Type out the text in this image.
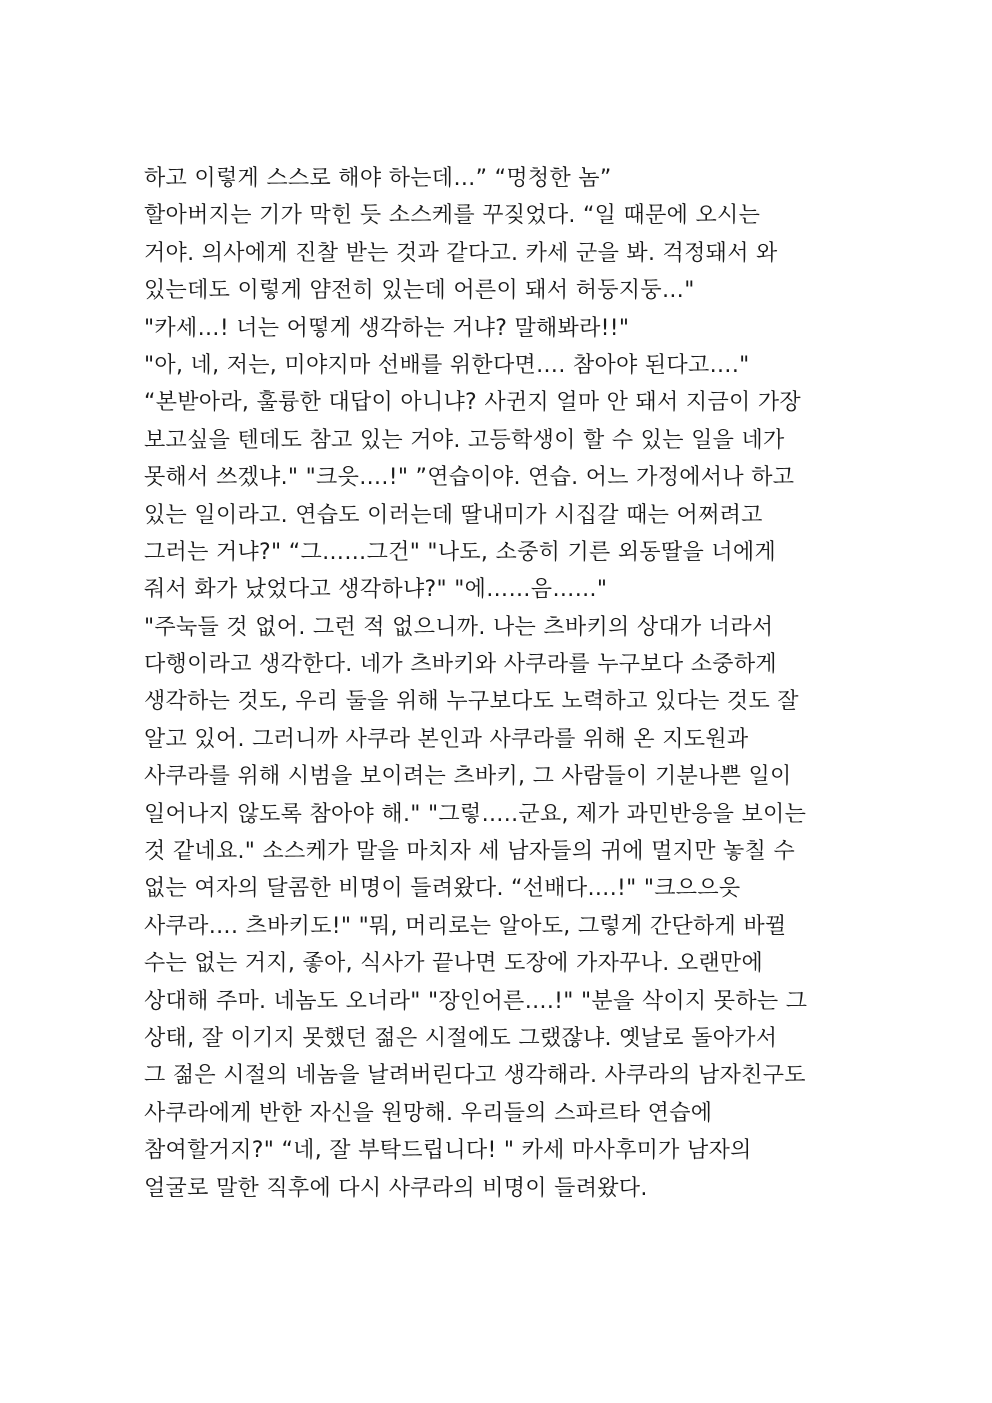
하고 이렇게 스스로 해야 하는데…” “멍청한 놈”
할아버지는 기가 막힌 듯 소스케를 꾸짖었다. “일 때문에 오시는
거야. 의사에게 진찰 받는 것과 같다고. 카세 군을 봐. 걱정돼서 와
있는데도 이렇게 얌전히 있는데 어른이 돼서 허둥지둥…"
"카세…! 너는 어떻게 생각하는 거냐? 말해봐라!!"
"아, 네, 저는, 미야지마 선배를 위한다면…. 참아야 된다고…."
“본받아라, 훌륭한 대답이 아니냐? 사귄지 얼마 안 돼서 지금이 가장
보고싶을 텐데도 참고 있는 거야. 고등학생이 할 수 있는 일을 네가
못해서 쓰겠냐." "크읏….!" ”연습이야. 연습. 어느 가정에서나 하고
있는 일이라고. 연습도 이러는데 딸내미가 시집갈 때는 어쩌려고
그러는 거냐?" “그……그건" "나도, 소중히 기른 외동딸을 너에게
줘서 화가 났었다고 생각하냐?" "에……음……"
"주눅들 것 없어. 그런 적 없으니까. 나는 츠바키의 상대가 너라서
다행이라고 생각한다. 네가 츠바키와 사쿠라를 누구보다 소중하게
생각하는 것도, 우리 둘을 위해 누구보다도 노력하고 있다는 것도 잘
알고 있어. 그러니까 사쿠라 본인과 사쿠라를 위해 온 지도원과
사쿠라를 위해 시범을 보이려는 츠바키, 그 사람들이 기분나쁜 일이
일어나지 않도록 참아야 해." "그렇…..군요, 제가 과민반응을 보이는
것 같네요." 소스케가 말을 마치자 세 남자들의 귀에 멀지만 놓칠 수
없는 여자의 달콤한 비명이 들려왔다. “선배다….!" "크으으읏
사쿠라…. 츠바키도!" "뭐, 머리로는 알아도, 그렇게 간단하게 바뀔
수는 없는 거지, 좋아, 식사가 끝나면 도장에 가자꾸나. 오랜만에
상대해 주마. 네놈도 오너라" "장인어른….!" "분을 삭이지 못하는 그
상태, 잘 이기지 못했던 젊은 시절에도 그랬잖냐. 옛날로 돌아가서
그 젊은 시절의 네놈을 날려버린다고 생각해라. 사쿠라의 남자친구도
사쿠라에게 반한 자신을 원망해. 우리들의 스파르타 연습에
참여할거지?" “네, 잘 부탁드립니다! " 카세 마사후미가 남자의
얼굴로 말한 직후에 다시 사쿠라의 비명이 들려왔다.
